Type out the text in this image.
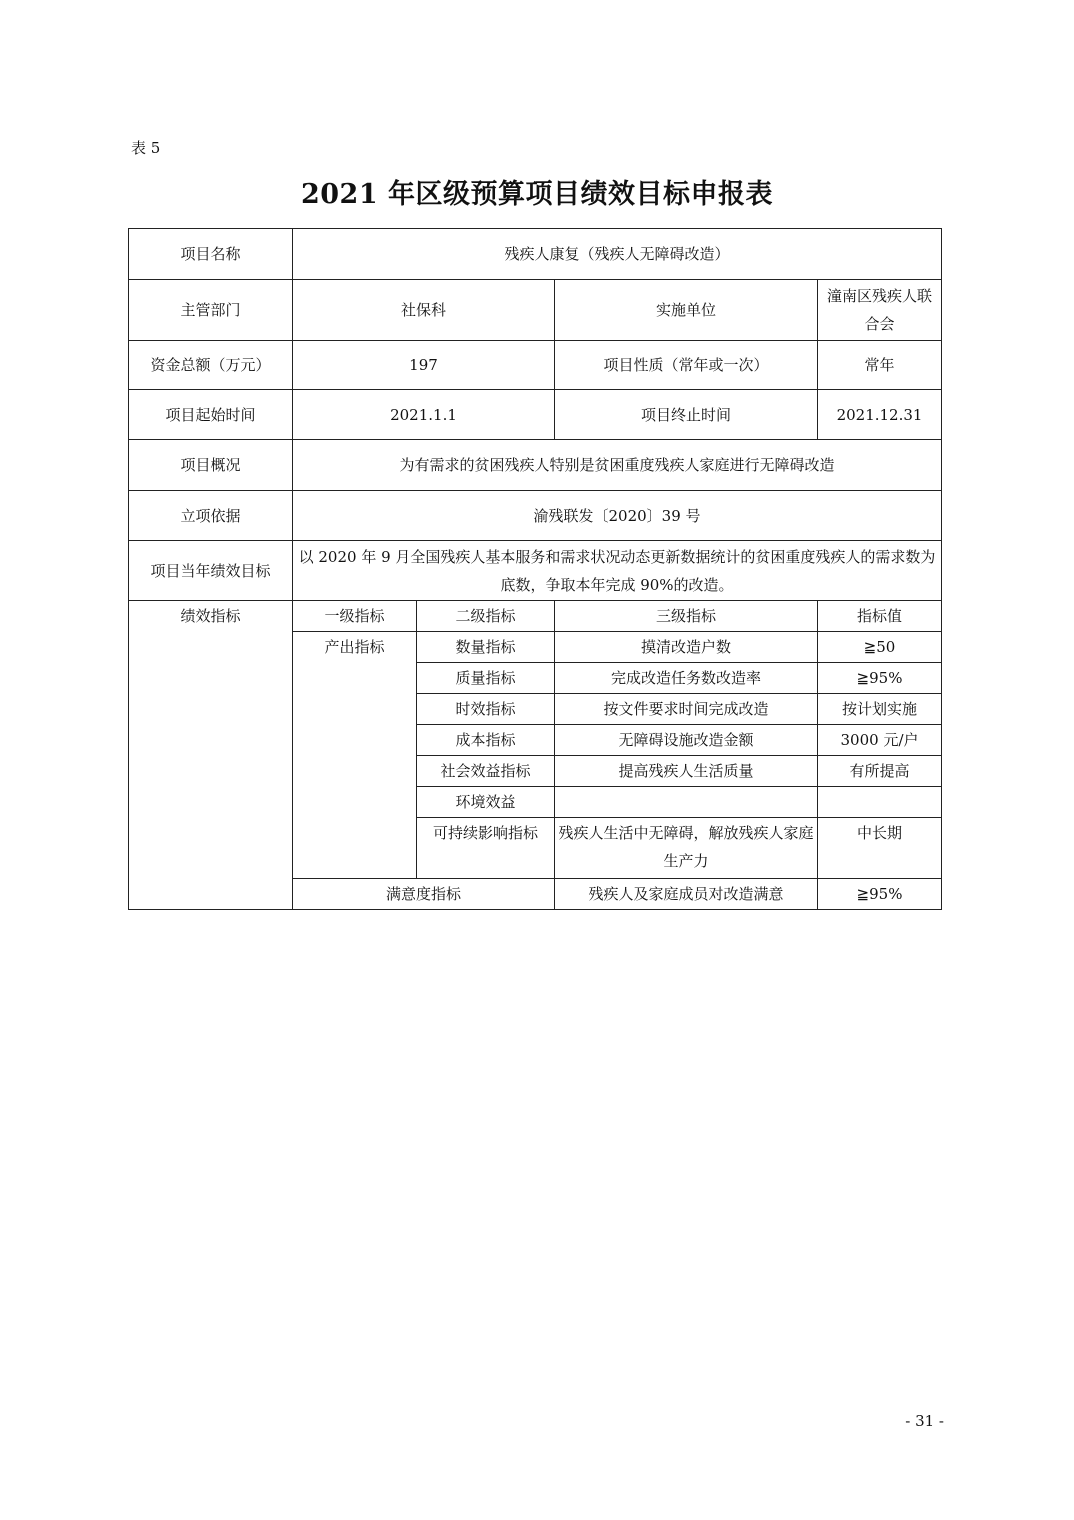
表 5
2021 年区级预算项目绩效目标申报表
项目名称	残疾人康复（残疾人无障碍改造）			
主管部门	社保科		实施单位	潼南区残疾人联合会
资金总额（万元）	197		项目性质（常年或一次）	常年
项目起始时间	2021.1.1		项目终止时间	2021.12.31
项目概况	为有需求的贫困残疾人特别是贫困重度残疾人家庭进行无障碍改造			
立项依据	渝残联发〔2020〕39 号			
项目当年绩效目标	以 2020 年 9 月全国残疾人基本服务和需求状况动态更新数据统计的贫困重度残疾人的需求数为底数，争取本年完成 90%的改造。			
绩效指标	一级指标	二级指标	三级指标	指标值
	产出指标	数量指标	摸清改造户数	≧50
		质量指标	完成改造任务数改造率	≧95%
		时效指标	按文件要求时间完成改造	按计划实施
		成本指标	无障碍设施改造金额	3000 元/户
		社会效益指标	提高残疾人生活质量	有所提高
		环境效益		
		可持续影响指标	残疾人生活中无障碍，解放残疾人家庭生产力	中长期
	满意度指标		残疾人及家庭成员对改造满意	≧95%
- 31 -
